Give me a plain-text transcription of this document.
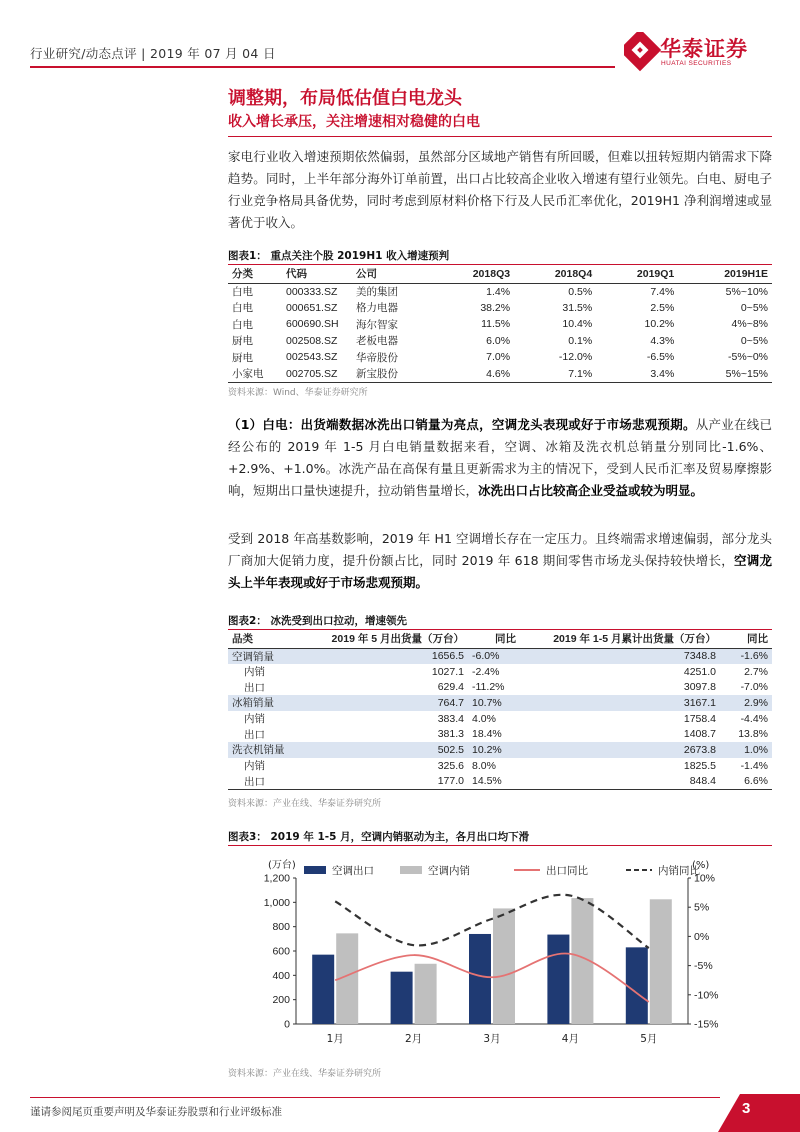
行业研究/动态点评 | 2019 年 07 月 04 日	华泰证券
HUATAI SECURITIES
调整期，布局低估值白电龙头
收入增长承压，关注增速相对稳健的白电
家电行业收入增速预期依然偏弱，虽然部分区域地产销售有所回暖，但难以扭转短期内销需求下降趋势。同时，上半年部分海外订单前置，出口占比较高企业收入增速有望行业领先。白电、厨电子行业竞争格局具备优势，同时考虑到原材料价格下行及人民币汇率优化，2019H1 净利润增速或显著优于收入。
图表1： 重点关注个股 2019H1 收入增速预判
分类	代码	公司	2018Q3	2018Q4	2019Q1	2019H1E
白电	000333.SZ	美的集团	1.4%	0.5%	7.4%	5%~10%
白电	000651.SZ	格力电器	38.2%	31.5%	2.5%	0~5%
白电	600690.SH	海尔智家	11.5%	10.4%	10.2%	4%~8%
厨电	002508.SZ	老板电器	6.0%	0.1%	4.3%	0~5%
厨电	002543.SZ	华帝股份	7.0%	-12.0%	-6.5%	-5%~0%
小家电	002705.SZ	新宝股份	4.6%	7.1%	3.4%	5%~15%
资料来源：Wind、华泰证券研究所
（1）白电：出货端数据冰洗出口销量为亮点，空调龙头表现或好于市场悲观预期。从产业在线已经公布的 2019 年 1-5 月白电销量数据来看，空调、冰箱及洗衣机总销量分别同比-1.6%、+2.9%、+1.0%。冰洗产品在高保有量且更新需求为主的情况下，受到人民币汇率及贸易摩擦影响，短期出口量快速提升，拉动销售量增长，冰洗出口占比较高企业受益或较为明显。
受到 2018 年高基数影响，2019 年 H1 空调增长存在一定压力。且终端需求增速偏弱，部分龙头厂商加大促销力度，提升份额占比，同时 2019 年 618 期间零售市场龙头保持较快增长，空调龙头上半年表现或好于市场悲观预期。
图表2： 冰洗受到出口拉动，增速领先
品类	2019 年 5 月出货量（万台）	同比	2019 年 1-5 月累计出货量（万台）	同比
空调销量	1656.5	-6.0%	7348.8	-1.6%
内销	1027.1	-2.4%	4251.0	2.7%
出口	629.4	-11.2%	3097.8	-7.0%
冰箱销量	764.7	10.7%	3167.1	2.9%
内销	383.4	4.0%	1758.4	-4.4%
出口	381.3	18.4%	1408.7	13.8%
洗衣机销量	502.5	10.2%	2673.8	1.0%
内销	325.6	8.0%	1825.5	-1.4%
出口	177.0	14.5%	848.4	6.6%
资料来源：产业在线、华泰证券研究所
图表3： 2019 年 1-5 月，空调内销驱动为主，各月出口均下滑
0
200
400
600
800
1,000
1,200
-15%
-10%
-5%
0%
5%
10%
(万台)	(%)
1月	2月	3月	4月	5月
空调出口	空调内销	出口同比	内销同比
资料来源：产业在线、华泰证券研究所
谨请参阅尾页重要声明及华泰证券股票和行业评级标准	3
